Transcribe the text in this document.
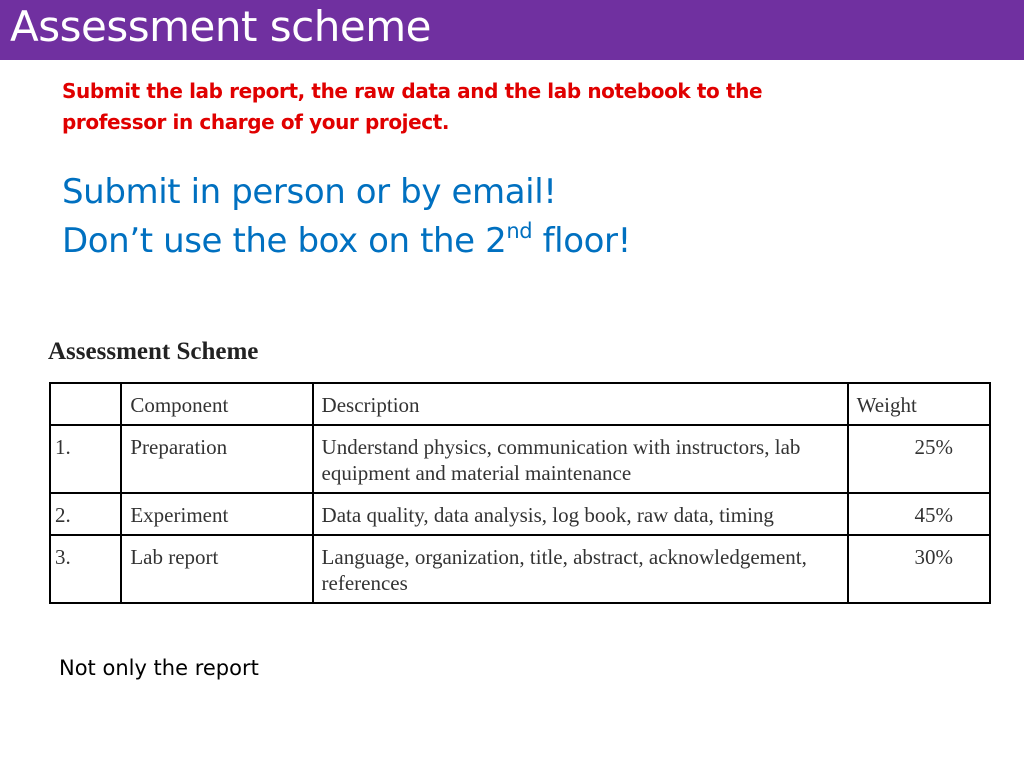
Assessment scheme
Submit the lab report, the raw data and the lab notebook to the
professor in charge of your project.
Submit in person or by email!
Don’t use the box on the 2nd floor!
Assessment Scheme
	Component	Description	Weight
1.	Preparation	Understand physics, communication with instructors, lab equipment and material maintenance	25%
2.	Experiment	Data quality, data analysis, log book, raw data, timing	45%
3.	Lab report	Language, organization, title, abstract, acknowledgement, references	30%
Not only the report
